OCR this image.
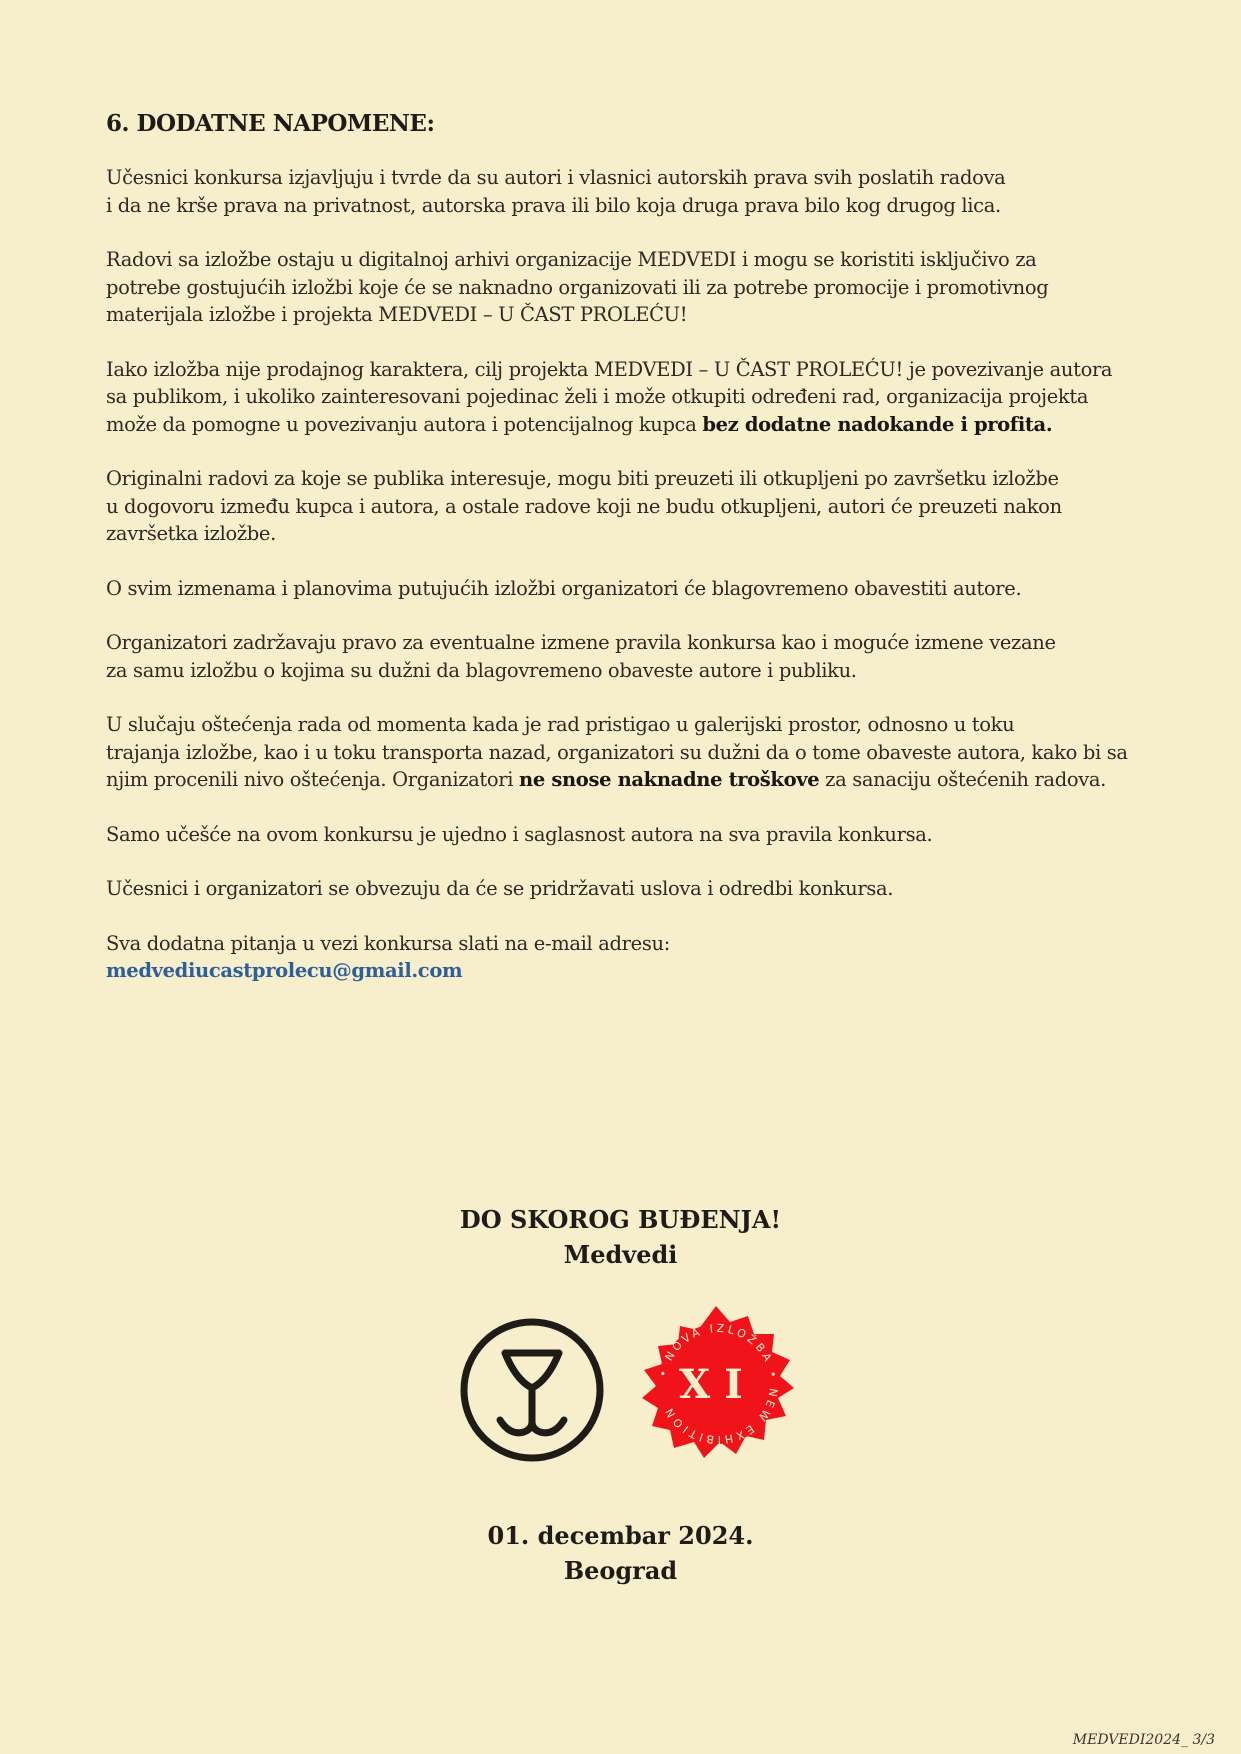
6. DODATNE NAPOMENE:
Učesnici konkursa izjavljuju i tvrde da su autori i vlasnici autorskih prava svih poslatih radova
i da ne krše prava na privatnost, autorska prava ili bilo koja druga prava bilo kog drugog lica.
Radovi sa izložbe ostaju u digitalnoj arhivi organizacije MEDVEDI i mogu se koristiti isključivo za
potrebe gostujućih izložbi koje će se naknadno organizovati ili za potrebe promocije i promotivnog
materijala izložbe i projekta MEDVEDI – U ČAST PROLEĆU!
Iako izložba nije prodajnog karaktera, cilj projekta MEDVEDI – U ČAST PROLEĆU! je povezivanje autora
sa publikom, i ukoliko zainteresovani pojedinac želi i može otkupiti određeni rad, organizacija projekta
može da pomogne u povezivanju autora i potencijalnog kupca bez dodatne nadokande i profita.
Originalni radovi za koje se publika interesuje, mogu biti preuzeti ili otkupljeni po završetku izložbe
u dogovoru između kupca i autora, a ostale radove koji ne budu otkupljeni, autori će preuzeti nakon
završetka izložbe.
O svim izmenama i planovima putujućih izložbi organizatori će blagovremeno obavestiti autore.
Organizatori zadržavaju pravo za eventualne izmene pravila konkursa kao i moguće izmene vezane
za samu izložbu o kojima su dužni da blagovremeno obaveste autore i publiku.
U slučaju oštećenja rada od momenta kada je rad pristigao u galerijski prostor, odnosno u toku
trajanja izložbe, kao i u toku transporta nazad, organizatori su dužni da o tome obaveste autora, kako bi sa
njim procenili nivo oštećenja. Organizatori ne snose naknadne troškove za sanaciju oštećenih radova.
Samo učešće na ovom konkursu je ujedno i saglasnost autora na sva pravila konkursa.
Učesnici i organizatori se obvezuju da će se pridržavati uslova i odredbi konkursa.
Sva dodatna pitanja u vezi konkursa slati na e-mail adresu:
medvediucastprolecu@gmail.com
DO SKOROG BUĐENJA!
Medvedi
• NOVA IZLOŽBA • NEW EXHIBITION
XI
01. decembar 2024.
Beograd
MEDVEDI2024_ 3/3
